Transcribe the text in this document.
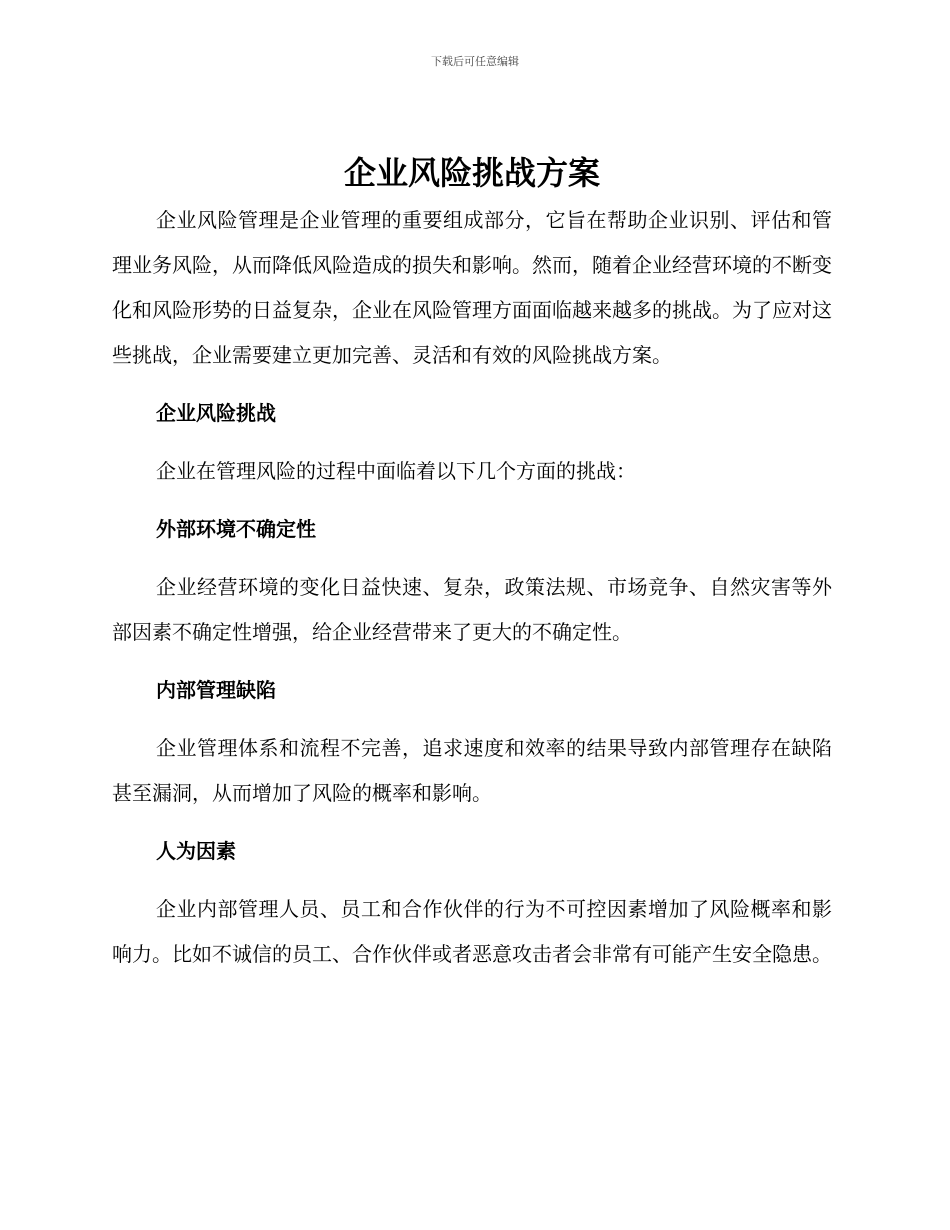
下载后可任意编辑
企业风险挑战方案

企业风险管理是企业管理的重要组成部分，它旨在帮助企业识别、评估和管理业务风险，从而降低风险造成的损失和影响。然而，随着企业经营环境的不断变化和风险形势的日益复杂，企业在风险管理方面面临越来越多的挑战。为了应对这些挑战，企业需要建立更加完善、灵活和有效的风险挑战方案。

企业风险挑战

企业在管理风险的过程中面临着以下几个方面的挑战：

外部环境不确定性

企业经营环境的变化日益快速、复杂，政策法规、市场竞争、自然灾害等外部因素不确定性增强，给企业经营带来了更大的不确定性。

内部管理缺陷

企业管理体系和流程不完善，追求速度和效率的结果导致内部管理存在缺陷甚至漏洞，从而增加了风险的概率和影响。

人为因素

企业内部管理人员、员工和合作伙伴的行为不可控因素增加了风险概率和影响力。比如不诚信的员工、合作伙伴或者恶意攻击者会非常有可能产生安全隐患。
